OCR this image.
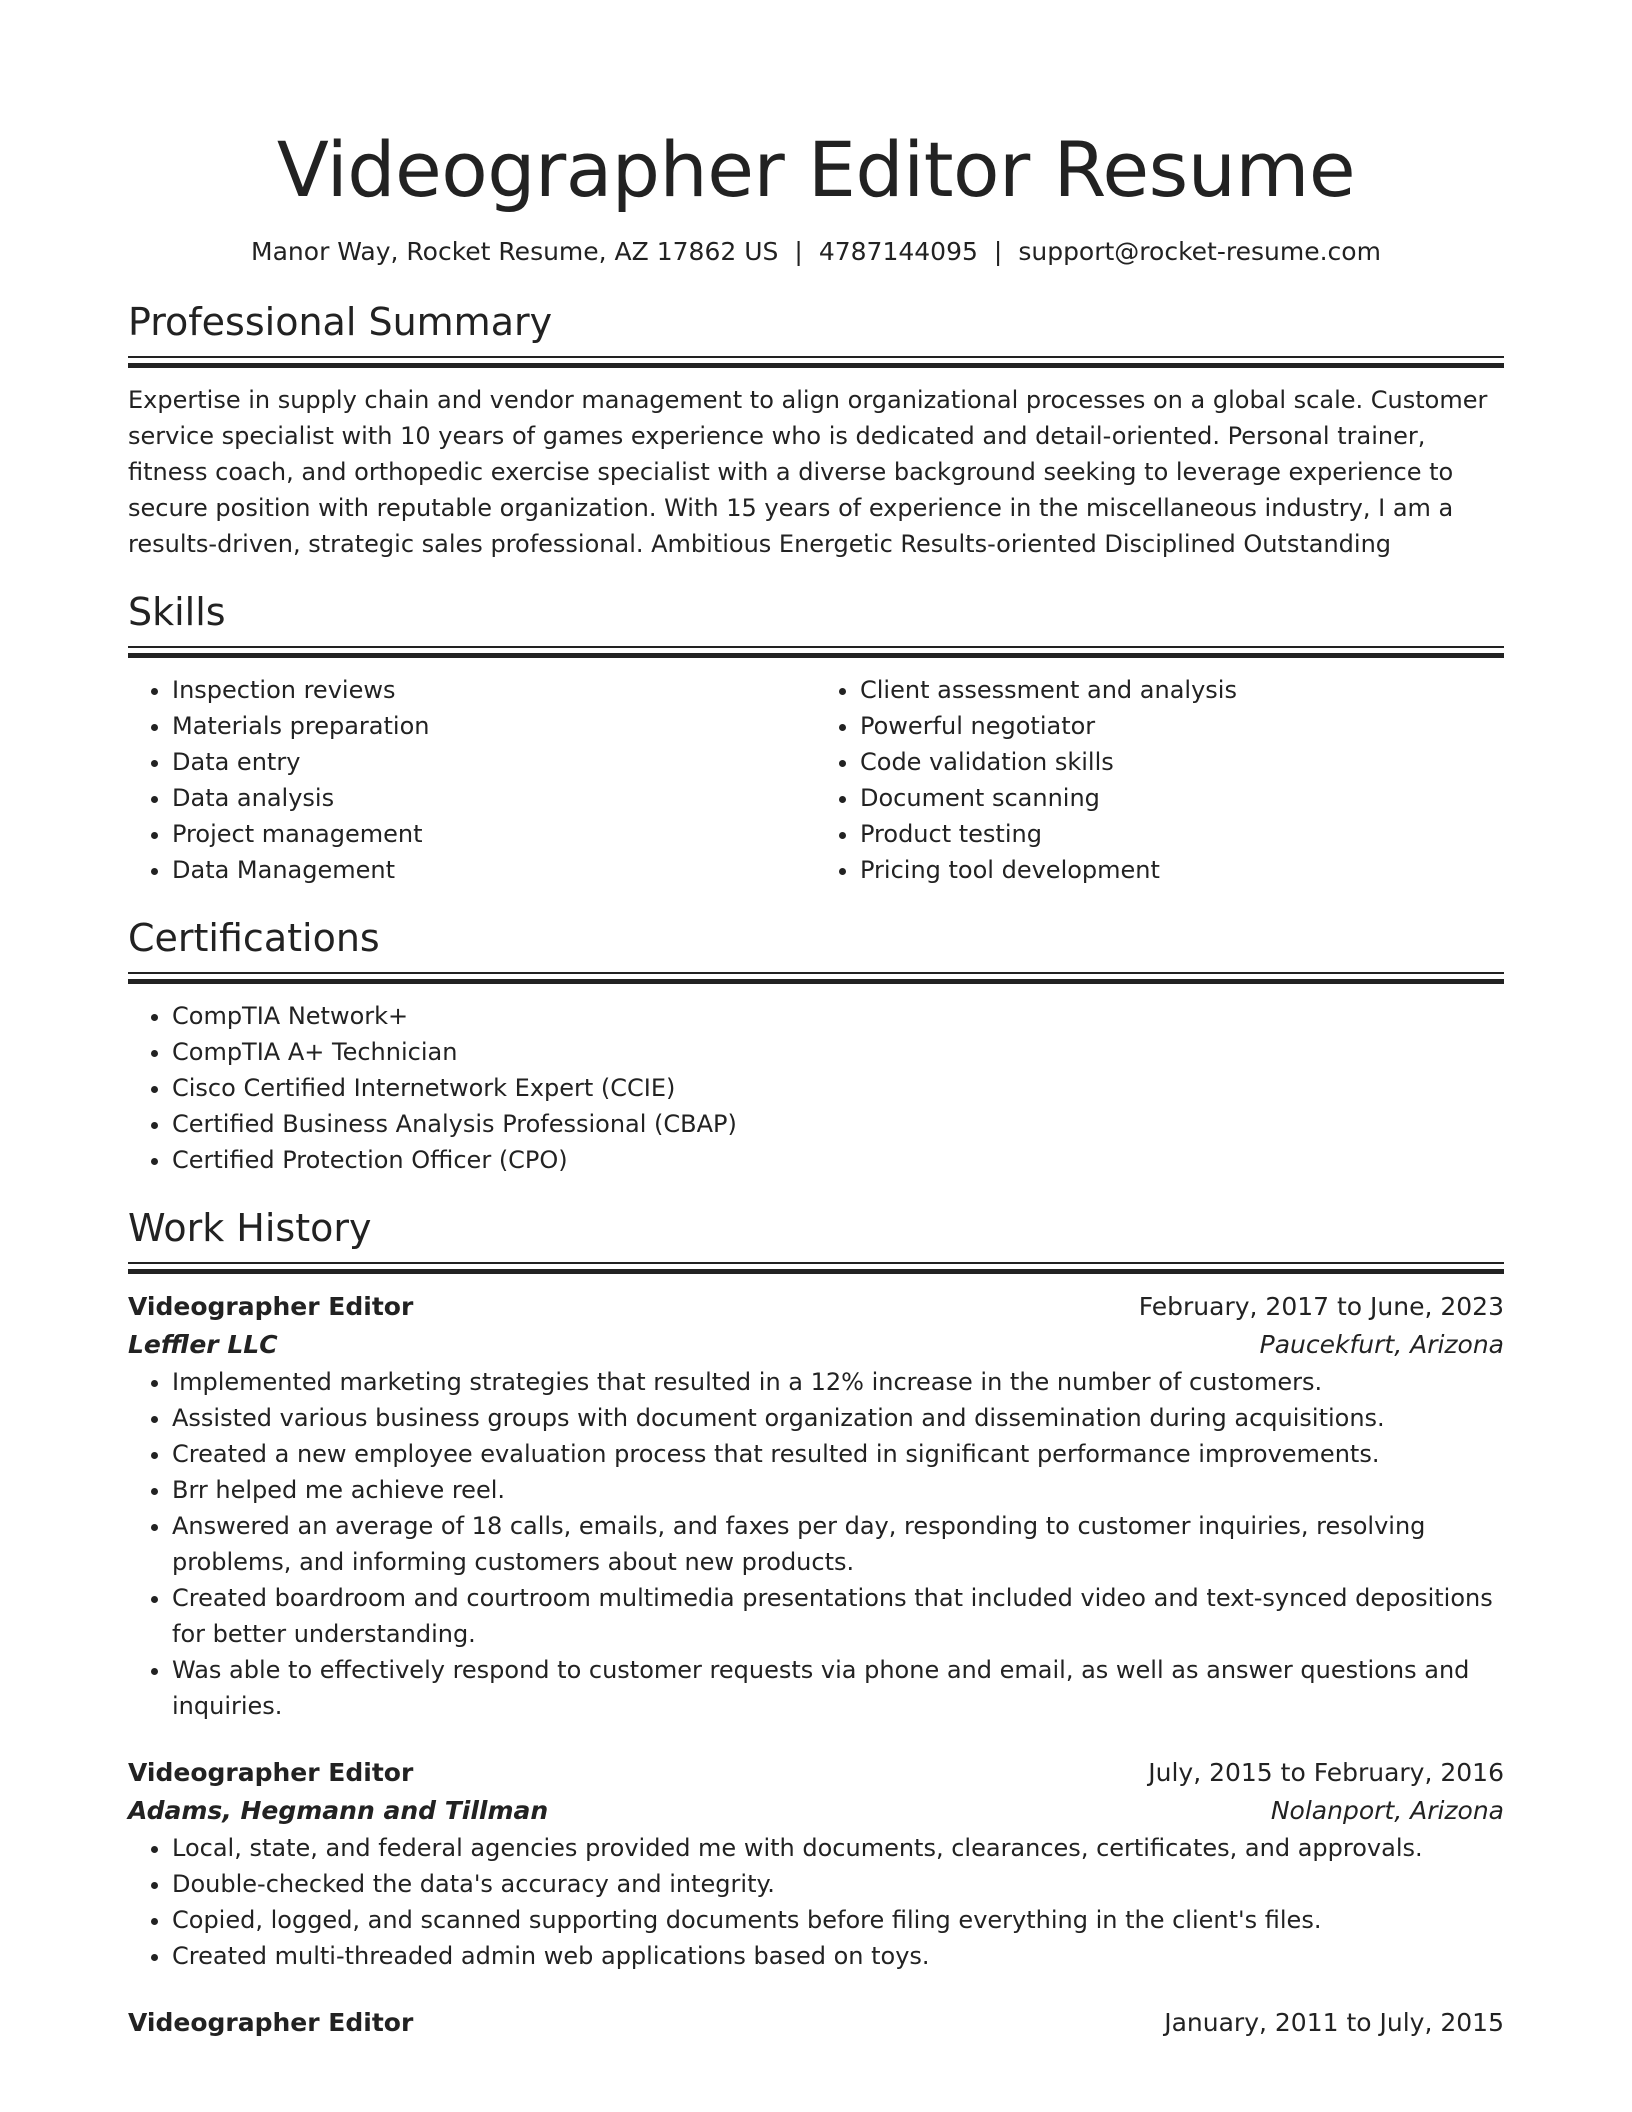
Videographer Editor Resume
Manor Way, Rocket Resume, AZ 17862 US | 4787144095 | support@rocket-resume.com
Professional Summary

Expertise in supply chain and vendor management to align organizational processes on a global scale. Customer service specialist with 10 years of games experience who is dedicated and detail-oriented. Personal trainer, fitness coach, and orthopedic exercise specialist with a diverse background seeking to leverage experience to secure position with reputable organization. With 15 years of experience in the miscellaneous industry, I am a results-driven, strategic sales professional. Ambitious Energetic Results-oriented Disciplined Outstanding

Skills
• Inspection reviews
• Materials preparation
• Data entry
• Data analysis
• Project management
• Data Management
• Client assessment and analysis
• Powerful negotiator
• Code validation skills
• Document scanning
• Product testing
• Pricing tool development
Certifications
• CompTIA Network+
• CompTIA A+ Technician
• Cisco Certified Internetwork Expert (CCIE)
• Certified Business Analysis Professional (CBAP)
• Certified Protection Officer (CPO)
Work History
Videographer Editor	February, 2017 to June, 2023
Leffler LLC	Paucekfurt, Arizona
• Implemented marketing strategies that resulted in a 12% increase in the number of customers.
• Assisted various business groups with document organization and dissemination during acquisitions.
• Created a new employee evaluation process that resulted in significant performance improvements.
• Brr helped me achieve reel.
• Answered an average of 18 calls, emails, and faxes per day, responding to customer inquiries, resolving problems, and informing customers about new products.
• Created boardroom and courtroom multimedia presentations that included video and text-synced depositions for better understanding.
• Was able to effectively respond to customer requests via phone and email, as well as answer questions and inquiries.
Videographer Editor	July, 2015 to February, 2016
Adams, Hegmann and Tillman	Nolanport, Arizona
• Local, state, and federal agencies provided me with documents, clearances, certificates, and approvals.
• Double-checked the data's accuracy and integrity.
• Copied, logged, and scanned supporting documents before filing everything in the client's files.
• Created multi-threaded admin web applications based on toys.
Videographer Editor	January, 2011 to July, 2015
